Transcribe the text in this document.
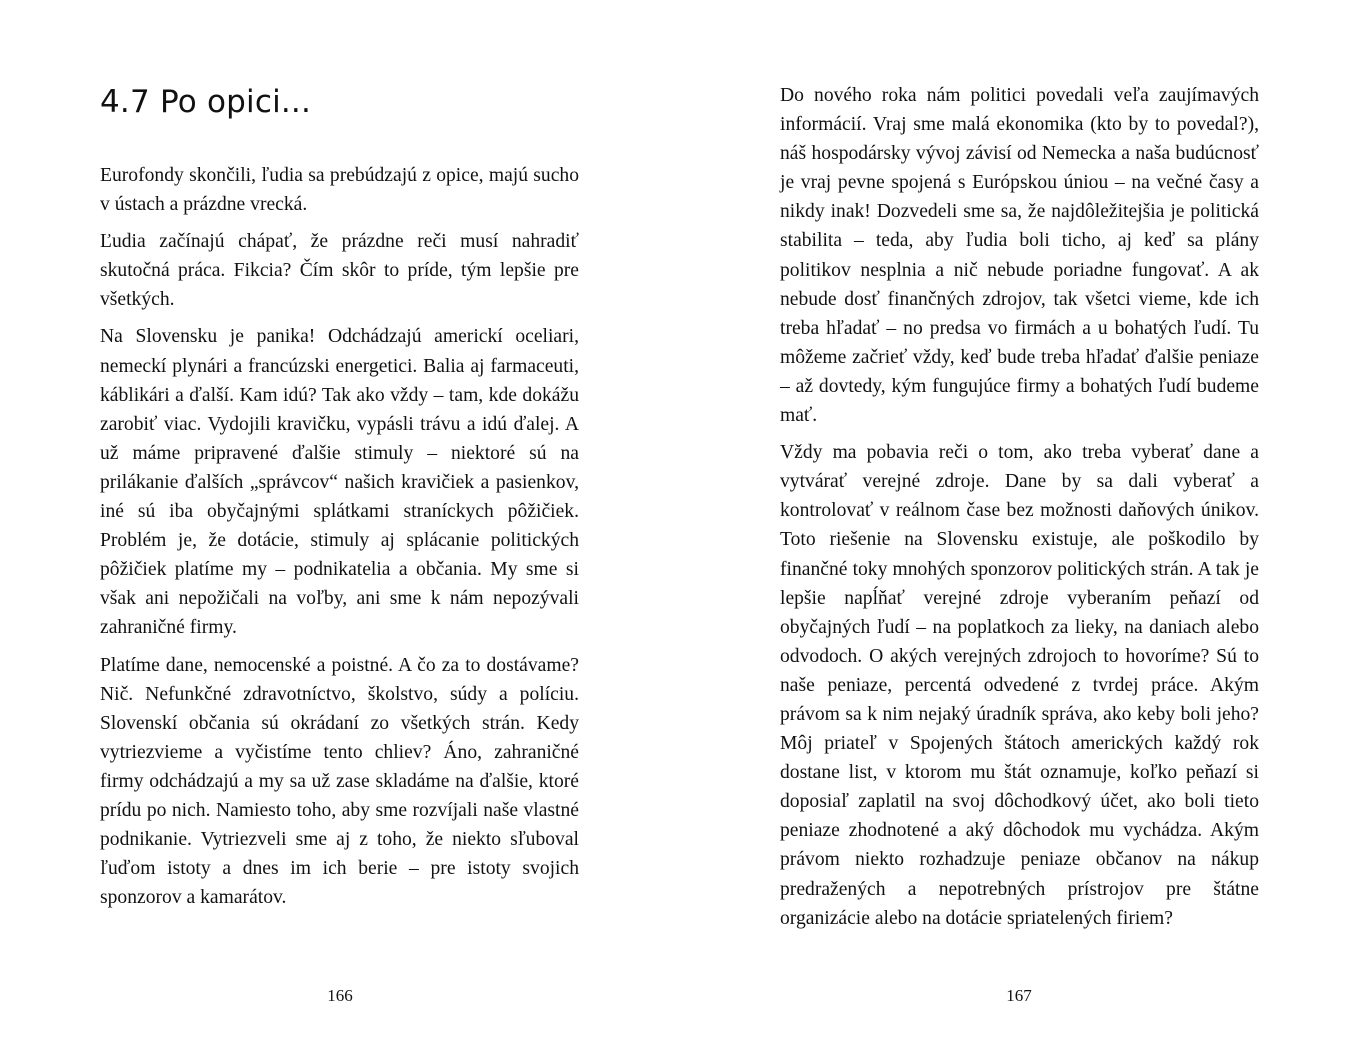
4.7 Po opici...

Eurofondy skončili, ľudia sa prebúdzajú z opice, majú sucho v ústach a prázdne vrecká.

Ľudia začínajú chápať, že prázdne reči musí nahradiť skutočná práca. Fikcia? Čím skôr to príde, tým lepšie pre všetkých.

Na Slovensku je panika! Odchádzajú americkí oceliari, nemeckí plynári a francúzski energetici. Balia aj farmaceuti, káblikári a ďalší. Kam idú? Tak ako vždy – tam, kde dokážu zarobiť viac. Vydojili kravičku, vypásli trávu a idú ďalej. A už máme pripravené ďalšie stimuly – niektoré sú na prilákanie ďalších „správcov“ našich kravičiek a pasienkov, iné sú iba obyčajnými splátkami straníckych pôžičiek. Problém je, že dotácie, stimuly aj splácanie politických pôžičiek platíme my – podnikatelia a občania. My sme si však ani nepožičali na voľby, ani sme k nám nepozývali zahraničné firmy.

Platíme dane, nemocenské a poistné. A čo za to dostávame? Nič. Nefunkčné zdravotníctvo, školstvo, súdy a políciu. Slovenskí občania sú okrádaní zo všetkých strán. Kedy vytriezvieme a vyčistíme tento chliev? Áno, zahraničné firmy odchádzajú a my sa už zase skladáme na ďalšie, ktoré prídu po nich. Namiesto toho, aby sme rozvíjali naše vlastné podnikanie. Vytriezveli sme aj z toho, že niekto sľuboval ľuďom istoty a dnes im ich berie – pre istoty svojich sponzorov a kamarátov.

166

Do nového roka nám politici povedali veľa zaujímavých informácií. Vraj sme malá ekonomika (kto by to povedal?), náš hospodársky vývoj závisí od Nemecka a naša budúcnosť je vraj pevne spojená s Európskou úniou – na večné časy a nikdy inak! Dozvedeli sme sa, že najdôležitejšia je politická stabilita – teda, aby ľudia boli ticho, aj keď sa plány politikov nesplnia a nič nebude poriadne fungovať. A ak nebude dosť finančných zdrojov, tak všetci vieme, kde ich treba hľadať – no predsa vo firmách a u bohatých ľudí. Tu môžeme začrieť vždy, keď bude treba hľadať ďalšie peniaze – až dovtedy, kým fungujúce firmy a bohatých ľudí budeme mať.

Vždy ma pobavia reči o tom, ako treba vyberať dane a vytvárať verejné zdroje. Dane by sa dali vyberať a kontrolovať v reálnom čase bez možnosti daňových únikov. Toto riešenie na Slovensku existuje, ale poškodilo by finančné toky mnohých sponzorov politických strán. A tak je lepšie napĺňať verejné zdroje vyberaním peňazí od obyčajných ľudí – na poplatkoch za lieky, na daniach alebo odvodoch. O akých verejných zdrojoch to hovoríme? Sú to naše peniaze, percentá odvedené z tvrdej práce. Akým právom sa k nim nejaký úradník správa, ako keby boli jeho? Môj priateľ v Spojených štátoch amerických každý rok dostane list, v ktorom mu štát oznamuje, koľko peňazí si doposiaľ zaplatil na svoj dôchodkový účet, ako boli tieto peniaze zhodnotené a aký dôchodok mu vychádza. Akým právom niekto rozhadzuje peniaze občanov na nákup predražených a nepotrebných prístrojov pre štátne organizácie alebo na dotácie spriatelených firiem?

167
